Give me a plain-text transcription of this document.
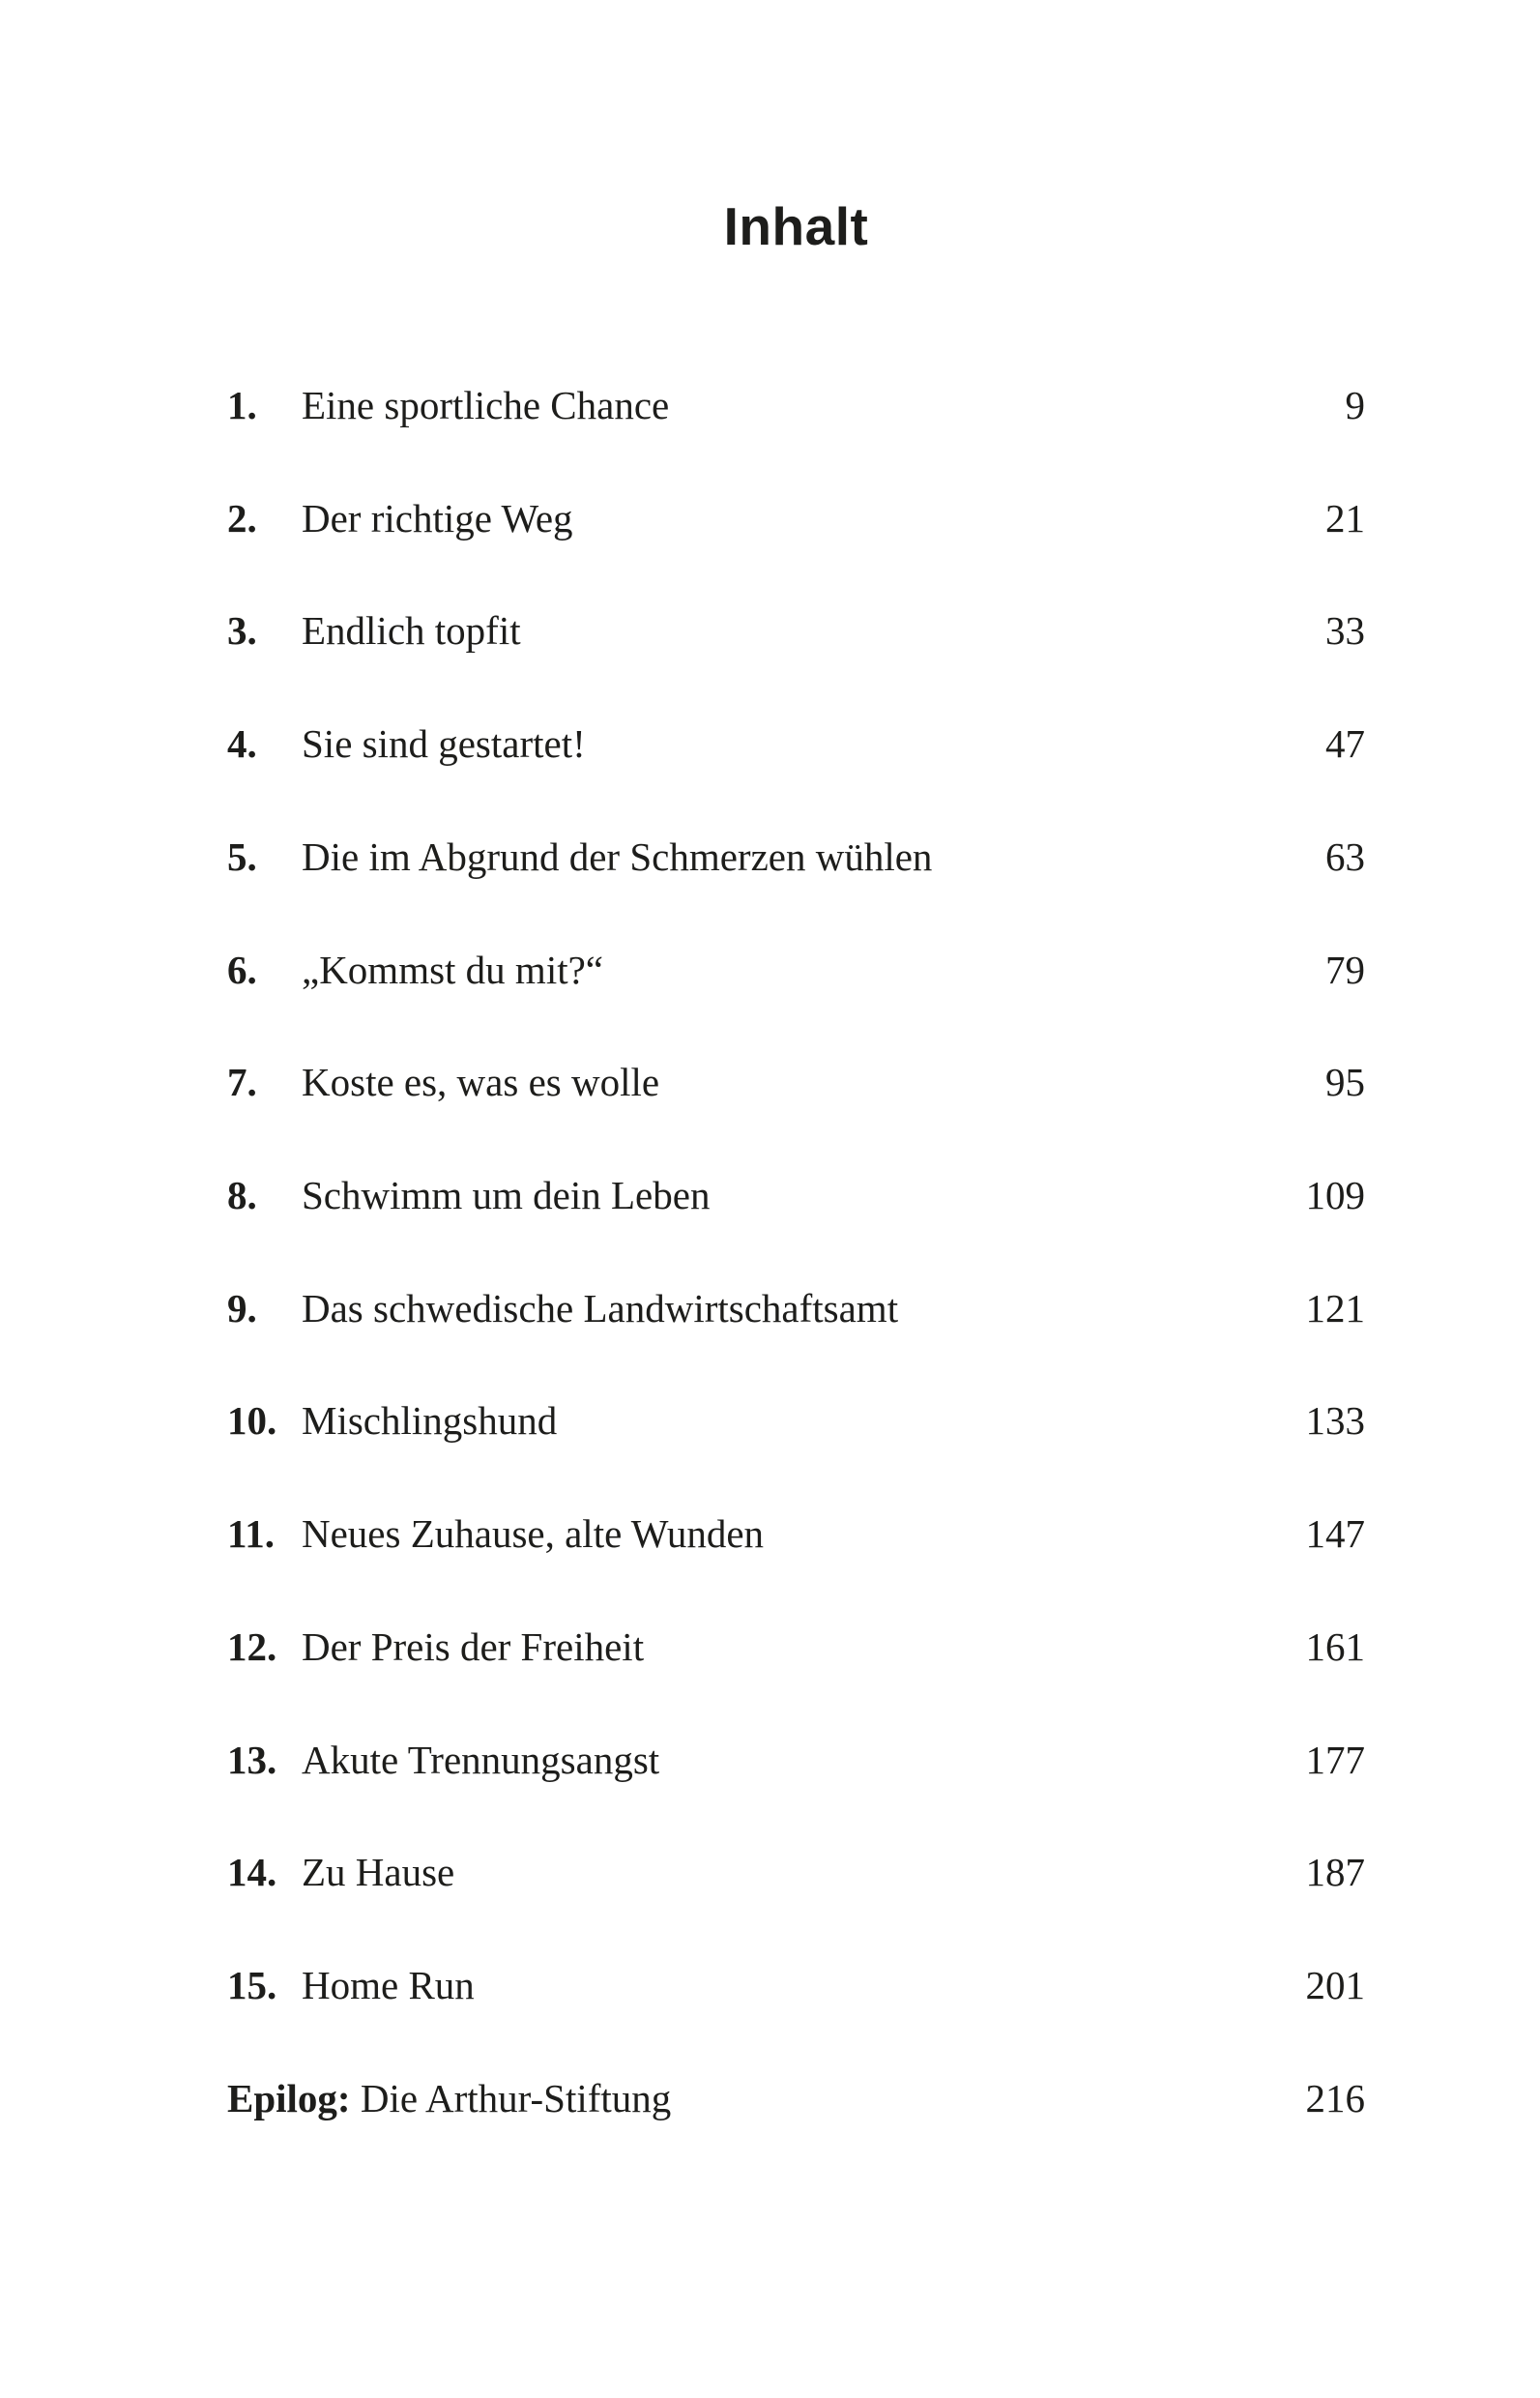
Inhalt
1.	Eine sportliche Chance	9
2.	Der richtige Weg	21
3.	Endlich topfit	33
4.	Sie sind gestartet!	47
5.	Die im Abgrund der Schmerzen wühlen	63
6.	„Kommst du mit?“	79
7.	Koste es, was es wolle	95
8.	Schwimm um dein Leben	109
9.	Das schwedische Landwirtschaftsamt	121
10. Mischlingshund	133
11. Neues Zuhause, alte Wunden	147
12. Der Preis der Freiheit	161
13. Akute Trennungsangst	177
14. Zu Hause	187
15. Home Run	201
Epilog: Die Arthur-Stiftung	216
